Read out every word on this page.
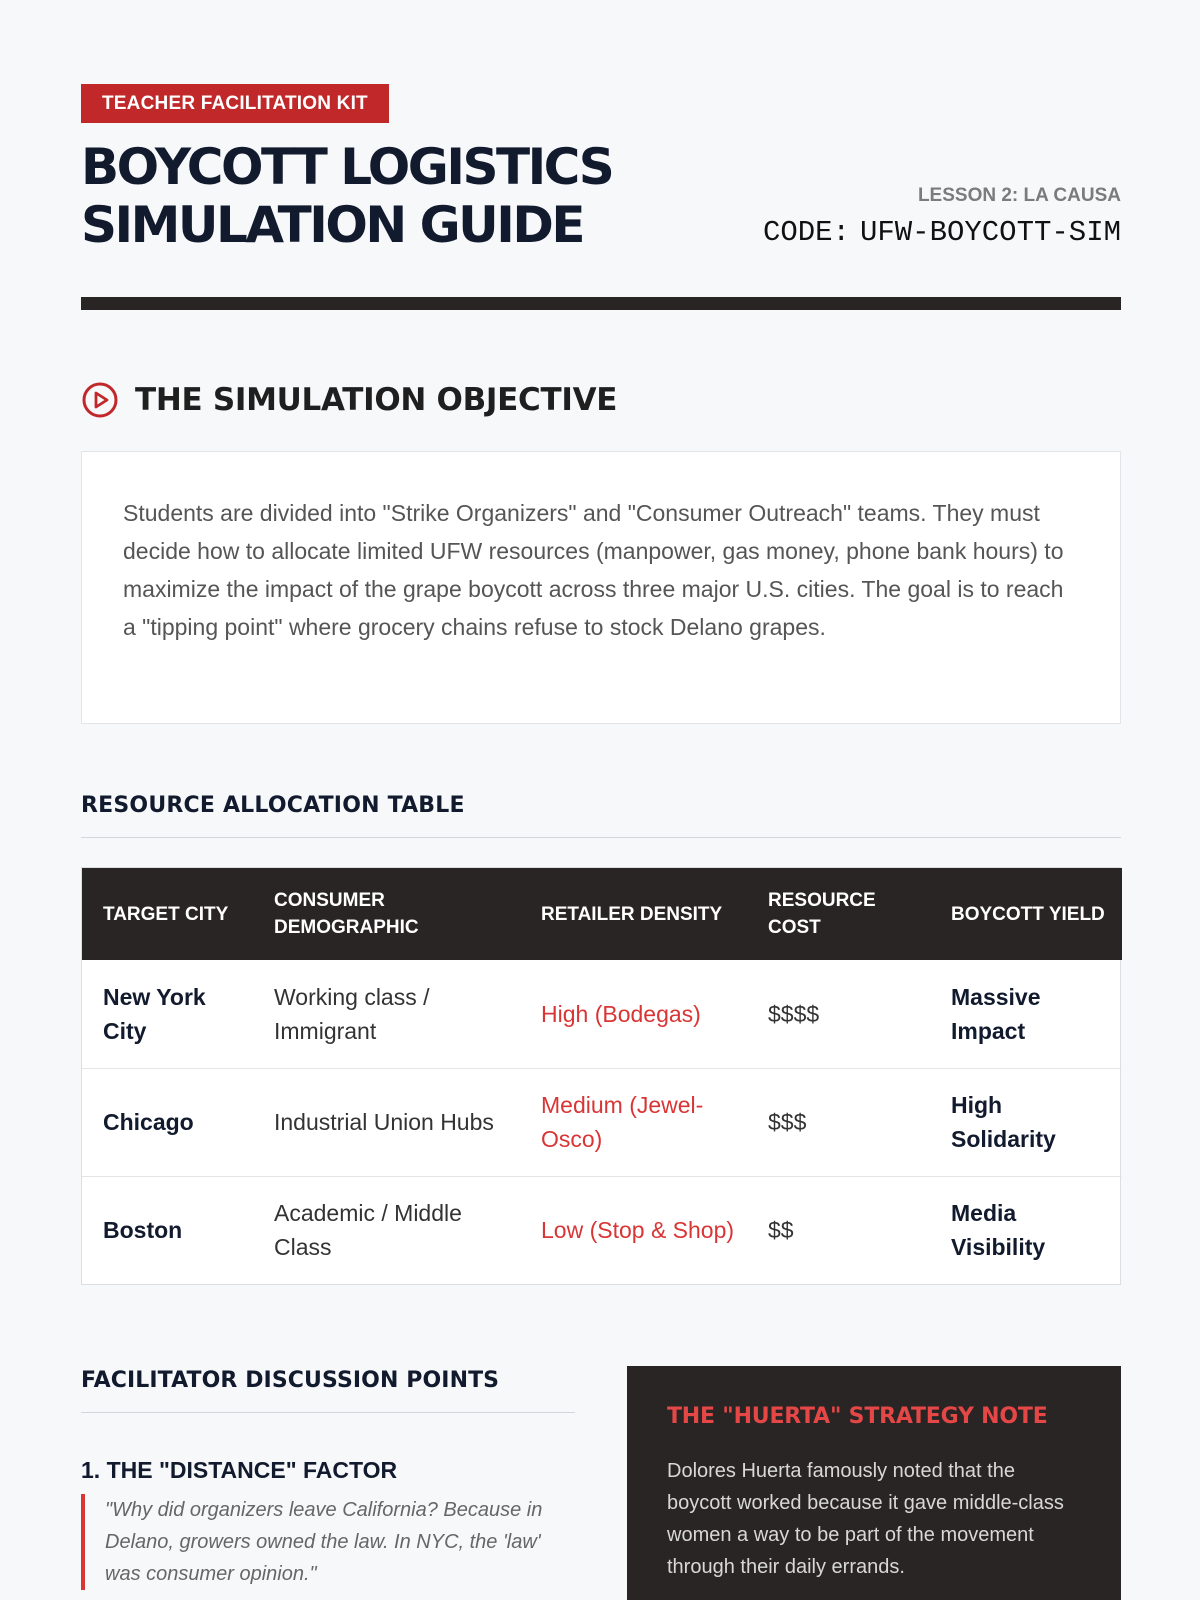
TEACHER FACILITATION KIT
BOYCOTT LOGISTICS
SIMULATION GUIDE
LESSON 2: LA CAUSA
CODE: UFW-BOYCOTT-SIM
THE SIMULATION OBJECTIVE

Students are divided into "Strike Organizers" and "Consumer Outreach" teams. They must decide how to allocate limited UFW resources (manpower, gas money, phone bank hours) to maximize the impact of the grape boycott across three major U.S. cities. The goal is to reach a "tipping point" where grocery chains refuse to stock Delano grapes.

RESOURCE ALLOCATION TABLE
TARGET CITY	CONSUMER DEMOGRAPHIC	RETAILER DENSITY	RESOURCE COST	BOYCOTT YIELD
New York City	Working class / Immigrant	High (Bodegas)	$$$$	Massive Impact
Chicago	Industrial Union Hubs	Medium (Jewel-Osco)	$$$	High Solidarity
Boston	Academic / Middle Class	Low (Stop & Shop)	$$	Media Visibility
FACILITATOR DISCUSSION POINTS
1. THE "DISTANCE" FACTOR
"Why did organizers leave California? Because in Delano, growers owned the law. In NYC, the 'law' was consumer opinion."
THE "HUERTA" STRATEGY NOTE

Dolores Huerta famously noted that the boycott worked because it gave middle-class women a way to be part of the movement through their daily errands.
